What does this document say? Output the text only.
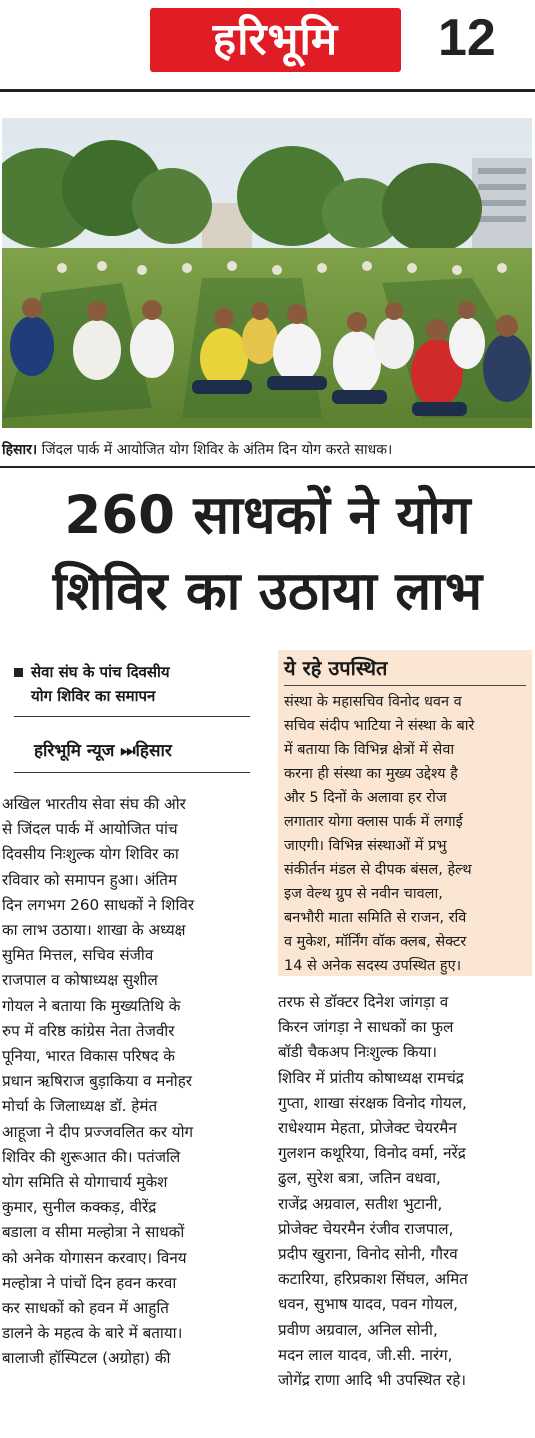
हरिभूमि 12
हिसार। जिंदल पार्क में आयोजित योग शिविर के अंतिम दिन योग करते साधक।
260 साधकों ने योग
शिविर का उठाया लाभ
सेवा संघ के पांच दिवसीय
योग शिविर का समापन
हरिभूमि न्यूज ⏭हिसार
अखिल भारतीय सेवा संघ की ओर
से जिंदल पार्क में आयोजित पांच
दिवसीय निःशुल्क योग शिविर का
रविवार को समापन हुआ। अंतिम
दिन लगभग 260 साधकों ने शिविर
का लाभ उठाया। शाखा के अध्यक्ष
सुमित मित्तल, सचिव संजीव
राजपाल व कोषाध्यक्ष सुशील
गोयल ने बताया कि मुख्यतिथि के
रुप में वरिष्ठ कांग्रेस नेता तेजवीर
पूनिया, भारत विकास परिषद के
प्रधान ऋषिराज बुड़ाकिया व मनोहर
मोर्चा के जिलाध्यक्ष डॉ. हेमंत
आहूजा ने दीप प्रज्जवलित कर योग
शिविर की शुरूआत की। पतंजलि
योग समिति से योगाचार्य मुकेश
कुमार, सुनील कक्कड़, वीरेंद्र
बडाला व सीमा मल्होत्रा ने साधकों
को अनेक योगासन करवाए। विनय
मल्होत्रा ने पांचों दिन हवन करवा
कर साधकों को हवन में आहुति
डालने के महत्व के बारे में बताया।
बालाजी हॉस्पिटल (अग्रोहा) की
ये रहे उपस्थित
संस्था के महासचिव विनोद धवन व
सचिव संदीप भाटिया ने संस्था के बारे
में बताया कि विभिन्न क्षेत्रों में सेवा
करना ही संस्था का मुख्य उद्देश्य है
और 5 दिनों के अलावा हर रोज
लगातार योगा क्लास पार्क में लगाई
जाएगी। विभिन्न संस्थाओं में प्रभु
संकीर्तन मंडल से दीपक बंसल, हेल्थ
इज वेल्थ ग्रुप से नवीन चावला,
बनभौरी माता समिति से राजन, रवि
व मुकेश, मॉर्निंग वॉक क्लब, सेक्टर
14 से अनेक सदस्य उपस्थित हुए।
तरफ से डॉक्टर दिनेश जांगड़ा व
किरन जांगड़ा ने साधकों का फुल
बॉडी चैकअप निःशुल्क किया।
शिविर में प्रांतीय कोषाध्यक्ष रामचंद्र
गुप्ता, शाखा संरक्षक विनोद गोयल,
राधेश्याम मेहता, प्रोजेक्ट चेयरमैन
गुलशन कथूरिया, विनोद वर्मा, नरेंद्र
ढुल, सुरेश बत्रा, जतिन वधवा,
राजेंद्र अग्रवाल, सतीश भुटानी,
प्रोजेक्ट चेयरमैन रंजीव राजपाल,
प्रदीप खुराना, विनोद सोनी, गौरव
कटारिया, हरिप्रकाश सिंघल, अमित
धवन, सुभाष यादव, पवन गोयल,
प्रवीण अग्रवाल, अनिल सोनी,
मदन लाल यादव, जी.सी. नारंग,
जोगेंद्र राणा आदि भी उपस्थित रहे।
